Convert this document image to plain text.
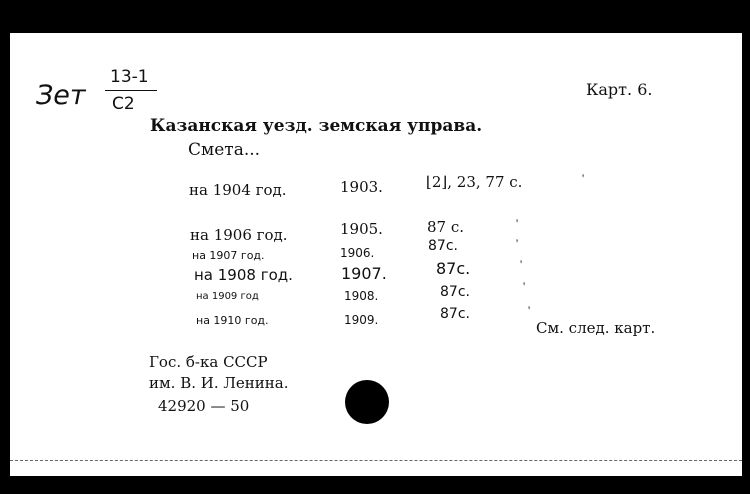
Зет
13-1
С2
Карт. 6.
Казанская уезд. земская управа.
Смета...
на 1904 год.	1903.	⌊2⌋, 23, 77 с.
на 1906 год.	1905.	87 с.
на 1907 год.	1906.	87с.
на 1908 год.	1907.	87с.
на 1909 год	1908.	87с.
на 1910 год.	1909.	87с.
'
'
'
'
'
'
См. след. карт.
Гос. б-ка СССР
им. В. И. Ленина.
42920 — 50
